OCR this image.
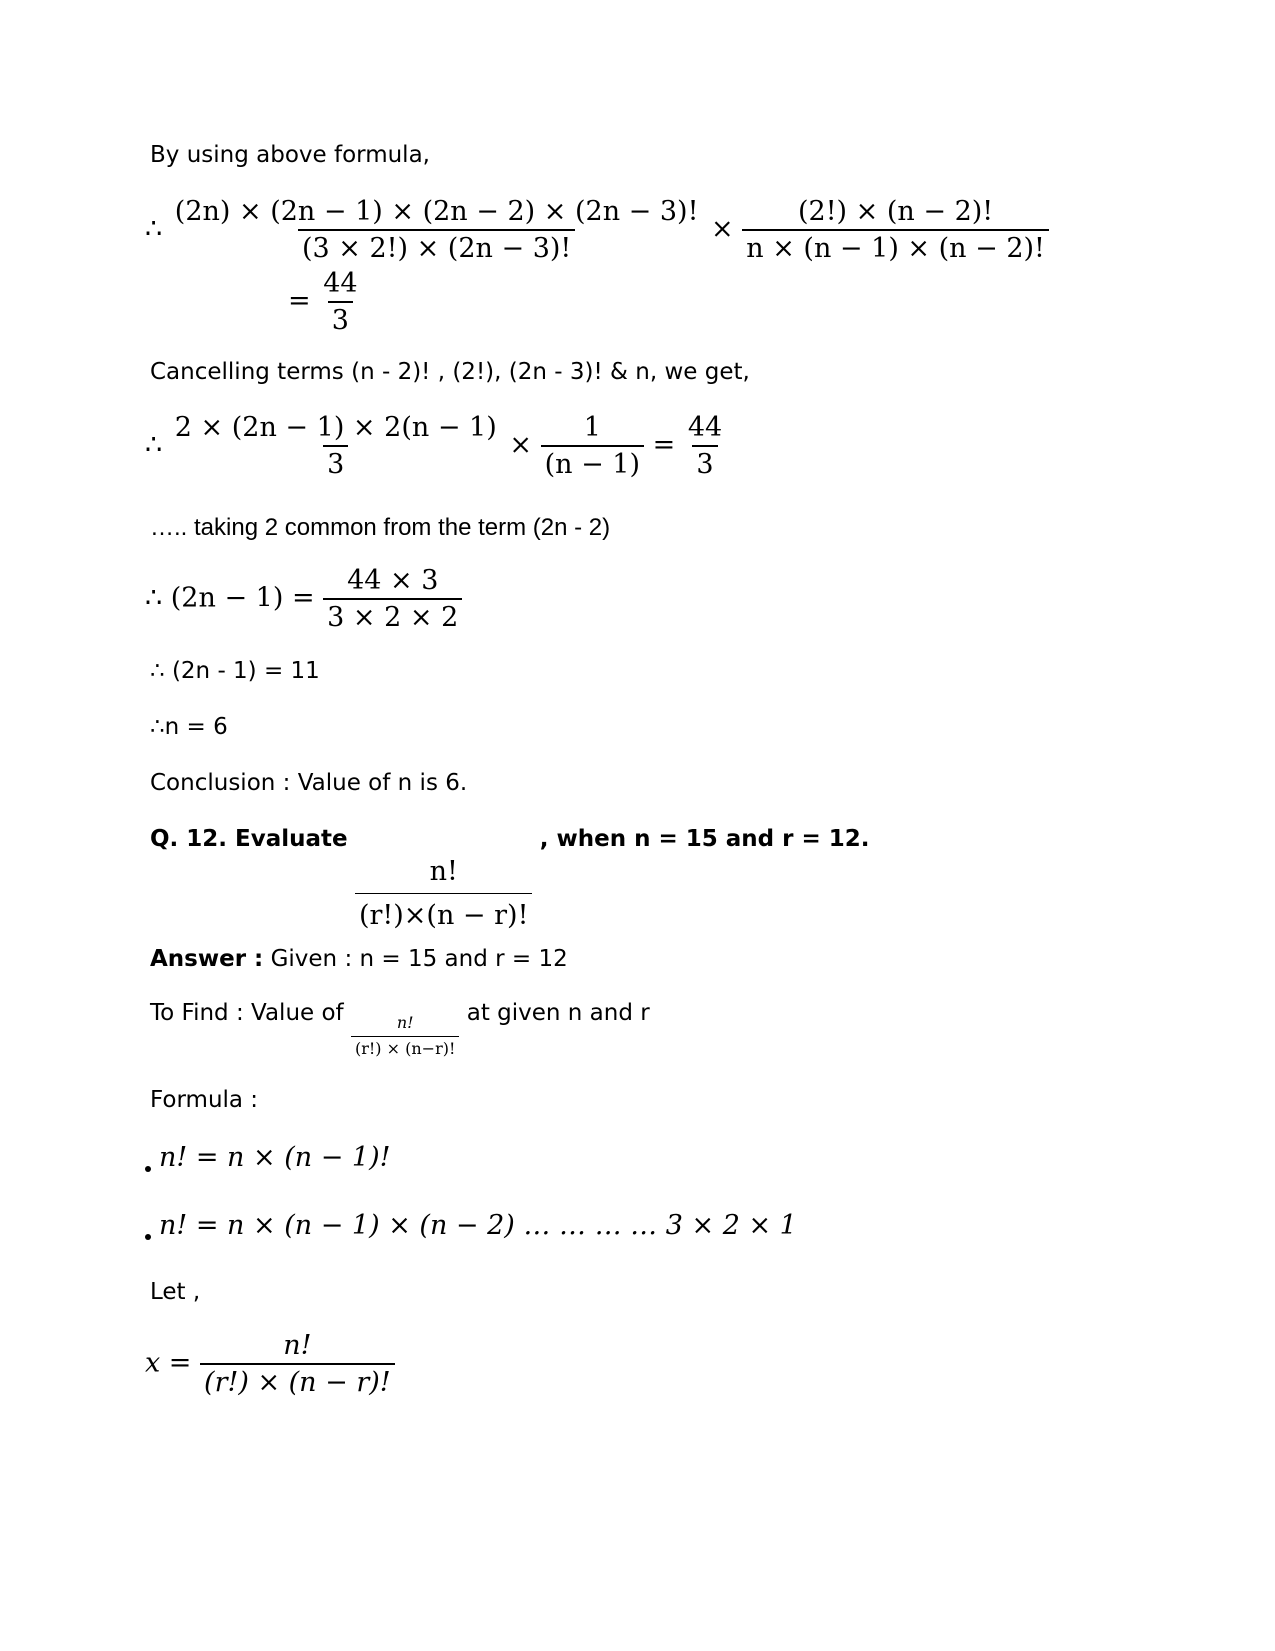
By using above formula,
∴ $\frac{(2n) \times (2n - 1) \times (2n - 2) \times (2n - 3)!}{(3 \times 2!) \times (2n - 3)!} \times \frac{(2!) \times (n - 2)!}{n \times (n - 1) \times (n - 2)!}$
= $\frac{44}{3}$
Cancelling terms (n - 2)! , (2!), (2n - 3)! & n, we get,
∴ $\frac{2 \times (2n - 1) \times 2(n - 1)}{3} \times \frac{1}{(n - 1)} = \frac{44}{3}$
….. taking 2 common from the term (2n - 2)
∴ $(2n - 1) = \frac{44 \times 3}{3 \times 2 \times 2}$
∴ (2n - 1) = 11
∴n = 6
Conclusion : Value of n is 6.
Q. 12. Evaluate
$\frac{n!}{(r!)\times(n - r)!}$
, when n = 15 and r = 12.
Answer : Given : n = 15 and r = 12
To Find : Value of $\frac{n!}{(r!) \times (n-r)!}$ at given n and r
Formula :
n! = n × (n − 1)!
n! = n × (n − 1) × (n − 2) … … … … 3 × 2 × 1
Let ,
$x = \frac{n!}{(r!) \times (n - r)!}$
